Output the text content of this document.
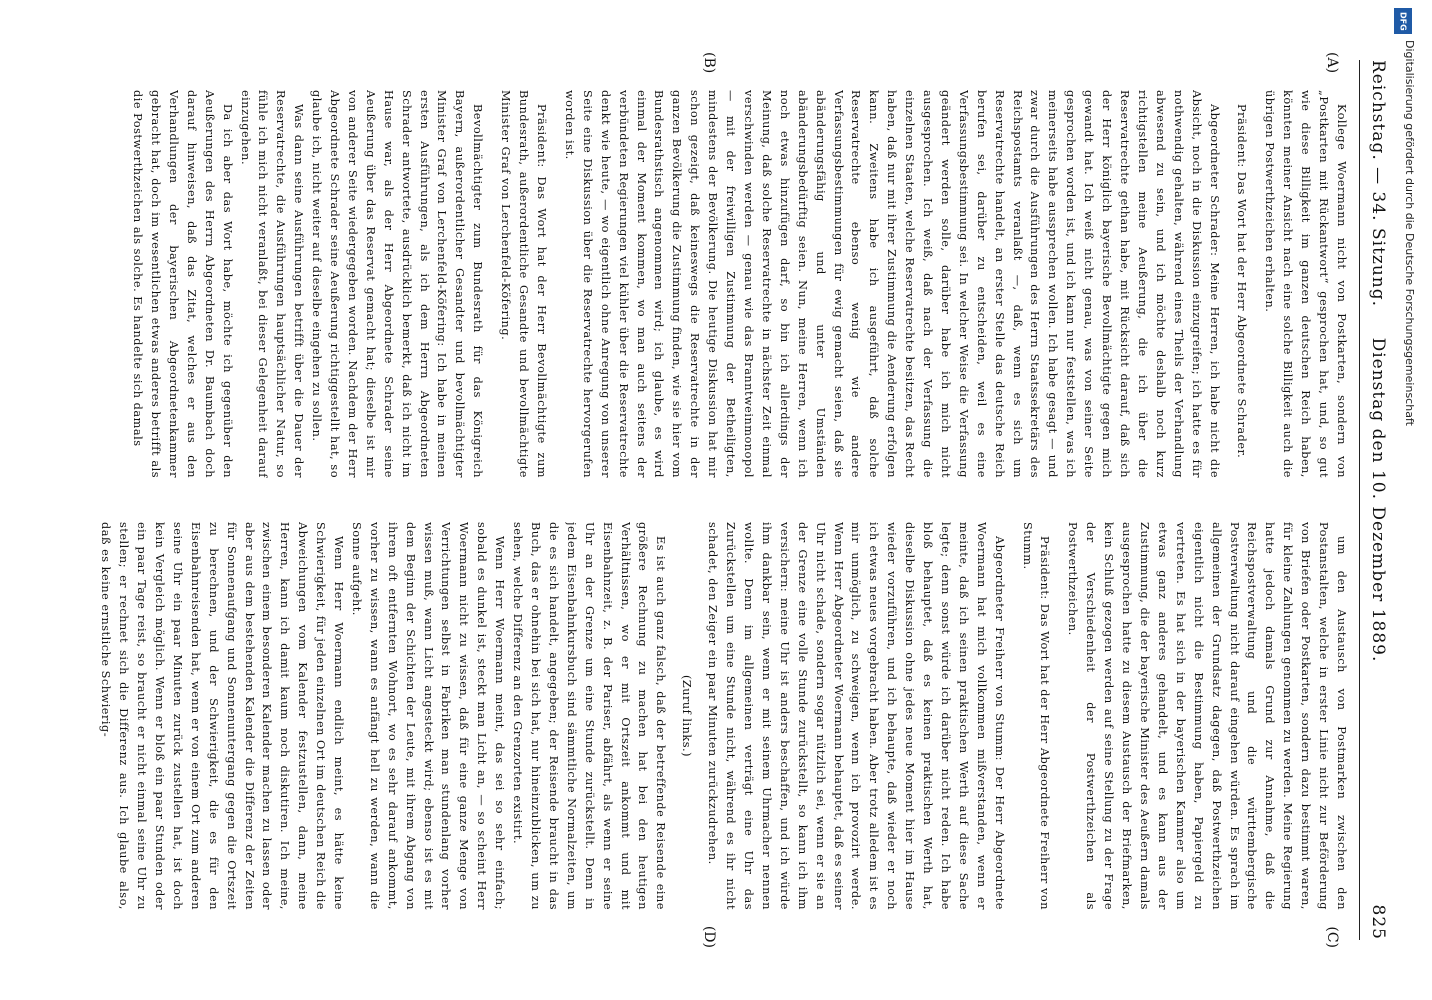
Reichstag. — 34. Sitzung.
Dienstag den 10. Dezember 1889.
825
(A)
(C)
(B)
(D)

Kollege Woermann nicht von Postkarten, sondern von „Postkarten mit Rückantwort“ gesprochen hat, und, so gut wie diese Billigkeit im ganzen deutschen Reich haben, könnten meiner Ansicht nach eine solche Billigkeit auch die übrigen Postwerthzeichen erhalten.

Präsident: Das Wort hat der Herr Abgeordnete Schrader.

Abgeordneter Schrader: Meine Herren, ich habe nicht die Absicht, noch in die Diskussion einzugreifen; ich hatte es für nothwendig gehalten, während eines Theils der Verhandlung abwesend zu sein, und ich möchte deshalb noch kurz richtigstellen meine Aeußerung, die ich über die Reservatrechte gethan habe, mit Rücksicht darauf, daß sich der Herr königlich bayerische Bevollmächtigte gegen mich gewandt hat. Ich weiß nicht genau, was von seiner Seite gesprochen worden ist, und ich kann nur feststellen, was ich meinerseits habe aussprechen wollen. Ich habe gesagt — und zwar durch die Ausführungen des Herrn Staatssekretärs des Reichspostamts veranlaßt —, daß, wenn es sich um Reservatrechte handelt, an erster Stelle das deutsche Reich berufen sei, darüber zu entscheiden, weil es eine Verfassungsbestimmung sei. In welcher Weise die Verfassung geändert werden solle, darüber habe ich mich nicht ausgesprochen. Ich weiß, daß nach der Verfassung die einzelnen Staaten, welche Reservatrechte besitzen, das Recht haben, daß nur mit ihrer Zustimmung die Aenderung erfolgen kann. Zweitens habe ich ausgeführt, daß solche Reservatrechte ebenso wenig wie andere Verfassungsbestimmungen für ewig gemacht seien, daß sie abänderungsfähig und unter Umständen abänderungsbedürftig seien. Nun, meine Herren, wenn ich noch etwas hinzufügen darf, so bin ich allerdings der Meinung, daß solche Reservatrechte in nächster Zeit einmal verschwinden werden — genau wie das Branntweinmonopol — mit der freiwilligen Zustimmung der Betheiligten, mindestens der Bevölkerung. Die heutige Diskussion hat mir schon gezeigt, daß keineswegs die Reservatrechte in der ganzen Bevölkerung die Zustimmung finden, wie sie hier vom Bundesrathstisch angenommen wird; ich glaube, es wird einmal der Moment kommen, wo man auch seitens der verbündeten Regierungen viel kühler über die Reservatrechte denkt wie heute, — wo eigentlich ohne Anregung von unserer Seite eine Diskussion über die Reservatrechte hervorgerufen worden ist.

Präsident: Das Wort hat der Herr Bevollmächtigte zum Bundesrath, außerordentliche Gesandte und bevollmächtigte Minister Graf von Lerchenfeld-Köfering.

Bevollmächtigter zum Bundesrath für das Königreich Bayern, außerordentlicher Gesandter und bevollmächtigter Minister Graf von Lerchenfeld-Köfering: Ich habe in meinen ersten Ausführungen, als ich dem Herrn Abgeordneten Schrader antwortete, ausdrücklich bemerkt, daß ich nicht im Hause war, als der Herr Abgeordnete Schrader seine Aeußerung über das Reservat gemacht hat; dieselbe ist mir von anderer Seite wiedergegeben worden. Nachdem der Herr Abgeordnete Schrader seine Aeußerung richtiggestellt hat, so glaube ich, nicht weiter auf dieselbe eingehen zu sollen.

Was dann seine Ausführungen betrifft über die Dauer der Reservatrechte, die Ausführungen hauptsächlicher Natur, so fühle ich mich nicht veranlaßt, bei dieser Gelegenheit darauf einzugehen.

Da ich aber das Wort habe, möchte ich gegenüber den Aeußerungen des Herrn Abgeordneten Dr. Baumbach doch darauf hinweisen, daß das Zitat, welches er aus den Verhandlungen der bayerischen Abgeordnetenkammer gebracht hat, doch im wesentlichen etwas anderes betrifft als die Postwerthzeichen als solche. Es handelte sich damals

um den Austausch von Postmarken zwischen den Postanstalten, welche in erster Linie nicht zur Beförderung von Briefen oder Postkarten, sondern dazu bestimmt waren, für kleine Zahlungen genommen zu werden. Meine Regierung hatte jedoch damals Grund zur Annahme, daß die Reichspostverwaltung und die württembergische Postverwaltung nicht darauf eingehen würden. Es sprach im allgemeinen der Grundsatz dagegen, daß Postwerthzeichen eigentlich nicht die Bestimmung haben, Papiergeld zu vertreten. Es hat sich in der bayerischen Kammer also um etwas ganz anderes gehandelt, und es kann aus der Zustimmung, die der bayerische Minister des Aeußern damals ausgesprochen hatte zu diesem Austausch der Briefmarken, kein Schluß gezogen werden auf seine Stellung zu der Frage der Verschiedenheit der Postwerthzeichen als Postwerthzeichen.

Präsident: Das Wort hat der Herr Abgeordnete Freiherr von Stumm.

Abgeordneter Freiherr von Stumm: Der Herr Abgeordnete Woermann hat mich vollkommen mißverstanden, wenn er meinte, daß ich seinen praktischen Werth auf diese Sache legte; denn sonst würde ich darüber nicht reden. Ich habe bloß behauptet, daß es keinen praktischen Werth hat, dieselbe Diskussion ohne jedes neue Moment hier im Hause wieder vorzuführen, und ich behaupte, daß wieder er noch ich etwas neues vorgebracht haben. Aber trotz alledem ist es mir unmöglich, zu schweigen, wenn ich provozirt werde. Wenn Herr Abgeordneter Woermann behauptet, daß es seiner Uhr nicht schade, sondern sogar nützlich sei, wenn er sie an der Grenze eine volle Stunde zurückstellt, so kann ich ihm versichern: meine Uhr ist anders beschaffen, und ich würde ihm dankbar sein, wenn er mit seinem Uhrmacher nennen wollte. Denn im allgemeinen verträgt eine Uhr das Zurückstellen um eine Stunde nicht, während es ihr nicht schadet, den Zeiger ein paar Minuten zurückzudrehen.

(Zuruf links.)

Es ist auch ganz falsch, daß der betreffende Reisende eine größere Rechnung zu machen hat bei den heutigen Verhältnissen, wo er mit Ortszeit ankommt und mit Eisenbahnzeit, z. B. der Pariser, abfährt, als wenn er seine Uhr an der Grenze um eine Stunde zurückstellt. Denn in jedem Eisenbahnkursbuch sind sämmtliche Normalzeiten, um die es sich handelt, angegeben; der Reisende braucht in das Buch, das er ohnehin bei sich hat, nur hineinzublicken, um zu sehen, welche Differenz an den Grenzorten existirt.

Wenn Herr Woermann meint, das sei so sehr einfach; sobald es dunkel ist, steckt man Licht an, — so scheint Herr Woermann nicht zu wissen, daß für eine ganze Menge von Verrichtungen selbst in Fabriken man stundenlang vorher wissen muß, wann Licht angesteckt wird; ebenso ist es mit dem Beginn der Schichten der Leute, mit ihrem Abgang von ihrem oft entfernten Wohnort, wo es sehr darauf ankommt, vorher zu wissen, wann es anfängt hell zu werden, wann die Sonne aufgeht.

Wenn Herr Woermann endlich meint, es hätte keine Schwierigkeit, für jeden einzelnen Ort im deutschen Reich die Abweichungen vom Kalender festzustellen, dann, meine Herren, kann ich damit kaum noch diskutiren. Ich meine, zwischen einem besonderen Kalender machen zu lassen oder aber aus dem bestehenden Kalender die Differenz der Zeiten für Sonnenaufgang und Sonnenuntergang gegen die Ortszeit zu berechnen, und der Schwierigkeit, die es für den Eisenbahnreisenden hat, wenn er von einem Ort zum anderen seine Uhr ein paar Minuten zurück zustellen hat, ist doch kein Vergleich möglich. Wenn er bloß ein paar Stunden oder ein paar Tage reist, so braucht er nicht einmal seine Uhr zu stellen; er rechnet sich die Differenz aus. Ich glaube also, daß es keine ernstliche Schwierig-

DFG
Digitalisierung gefördert durch die Deutsche Forschungsgemeinschaft
